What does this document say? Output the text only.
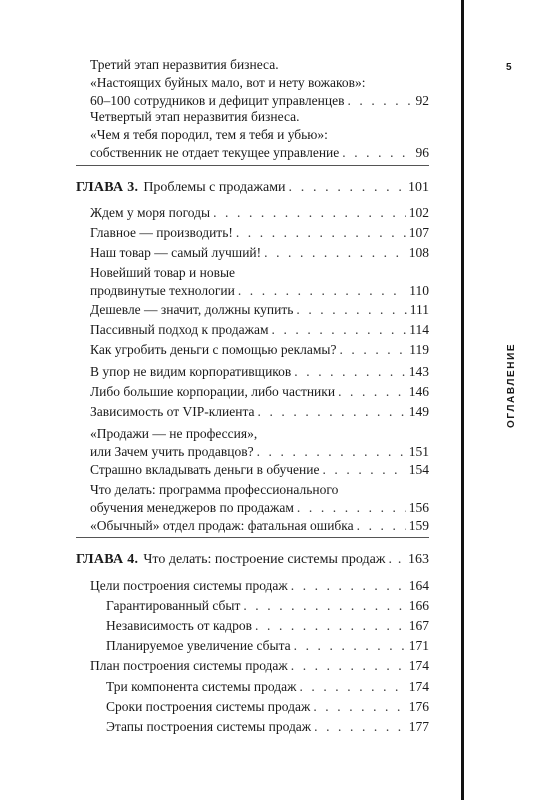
5
ОГЛАВЛЕНИЕ
Третий этап неразвития бизнеса.
«Настоящих буйных мало, вот и нету вожаков»:
60–100 сотрудников и дефицит управленцев . . .	92
Четвертый этап неразвития бизнеса.
«Чем я тебя породил, тем я тебя и убью»:
собственник не отдает текущее управление . . .	96
ГЛАВА 3. Проблемы с продажами . . .	101
Ждем у моря погоды . . .	102
Главное — производить! . . .	107
Наш товар — самый лучший! . . .	108
Новейший товар и новые
продвинутые технологии . . .	110
Дешевле — значит, должны купить . . .	111
Пассивный подход к продажам . . .	114
Как угробить деньги с помощью рекламы? . . .	119
В упор не видим корпоративщиков . . .	143
Либо большие корпорации, либо частники . . .	146
Зависимость от VIP-клиента . . .	149
«Продажи — не профессия»,
или Зачем учить продавцов? . . .	151
Страшно вкладывать деньги в обучение . . .	154
Что делать: программа профессионального
обучения менеджеров по продажам . . .	156
«Обычный» отдел продаж: фатальная ошибка . . .	159
ГЛАВА 4. Что делать: построение системы продаж . . . 163
Цели построения системы продаж . . .	164
Гарантированный сбыт . . .	166
Независимость от кадров . . .	167
Планируемое увеличение сбыта . . .	171
План построения системы продаж . . .	174
Три компонента системы продаж . . .	174
Сроки построения системы продаж . . .	176
Этапы построения системы продаж . . .	177
